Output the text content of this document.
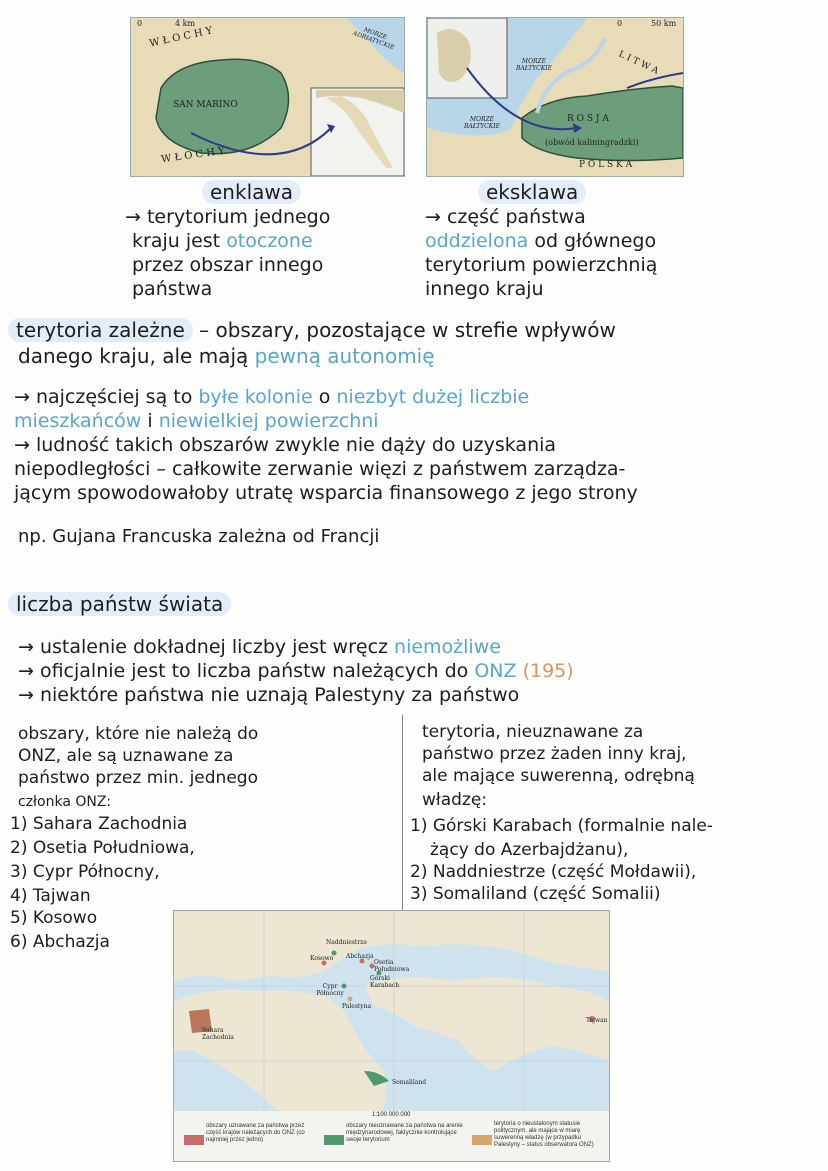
0	4 km
W Ł O C H Y	MORZE ADRIATYCKIE
SAN MARINO
W Ł O C H Y
0	50 km
MORZE BAŁTYCKIE	L I T W A
MORZE BAŁTYCKIE
R O S J A
(obwód kaliningradzki)
P O L S K A
enklawa	eksklawa
→ terytorium jednego
kraju jest otoczone
przez obszar innego
państwa
→ część państwa
oddzielona od głównego
terytorium powierzchnią
innego kraju
terytoria zależne – obszary, pozostające w strefie wpływów
danego kraju, ale mają pewną autonomię
→ najczęściej są to byłe kolonie o niezbyt dużej liczbie
mieszkańców i niewielkiej powierzchni
→ ludność takich obszarów zwykle nie dąży do uzyskania
niepodległości – całkowite zerwanie więzi z państwem zarządza-
jącym spowodowałoby utratę wsparcia finansowego z jego strony
np. Gujana Francuska zależna od Francji
liczba państw świata
→ ustalenie dokładnej liczby jest wręcz niemożliwe
→ oficjalnie jest to liczba państw należących do ONZ (195)
→ niektóre państwa nie uznają Palestyny za państwo
obszary, które nie należą do
ONZ, ale są uznawane za
państwo przez min. jednego
członka ONZ:
1) Sahara Zachodnia
2) Osetia Południowa,
3) Cypr Północny,
4) Tajwan
5) Kosowo
6) Abchazja
terytoria, nieuznawane za
państwo przez żaden inny kraj,
ale mające suwerenną, odrębną
władzę:
1) Górski Karabach (formalnie nale-
żący do Azerbajdżanu),
2) Naddniestrze (część Mołdawii),
3) Somaliland (część Somalii)
Naddniestrze
Kosowo Abchazja
Osetia Południowa
Górski Karabach
Cypr Północny
Palestyna
Sahara Zachodnia
Somaliland
Tajwan
1:100 000 000
obszary uznawane za państwa przez część krajów należących do ONZ (co najmniej przez jedno)
obszary nieuznawane za państwa na arenie międzynarodowej, faktycznie kontrolujące swoje terytorium
terytoria o nieustalonym statusie politycznym, ale mające w miarę suwerenną władzę (w przypadku Palestyny – status obserwatora ONZ)
